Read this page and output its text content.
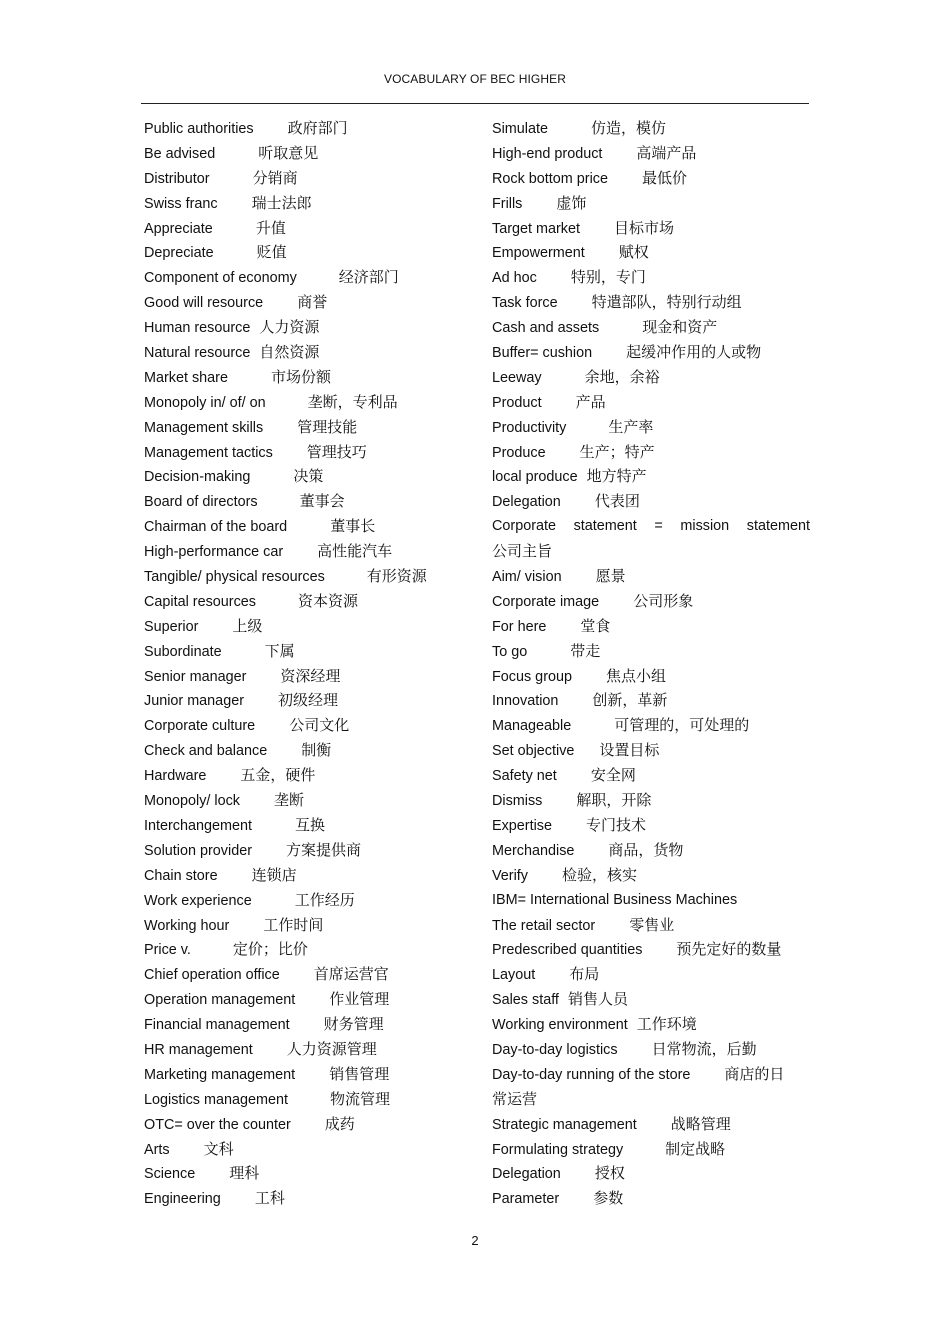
VOCABULARY OF BEC HIGHER
Public authorities 政府部门
Be advised	听取意见
Distributor	分销商
Swiss franc 瑞士法郎
Appreciate	升值
Depreciate	贬值
Component of economy	经济部门
Good will resource 商誉
Human resource 人力资源
Natural resource 自然资源
Market share	市场份额
Monopoly in/ of/ on	垄断，专利品
Management skills 管理技能
Management tactics 管理技巧
Decision-making	决策
Board of directors	董事会
Chairman of the board	董事长
High-performance car 高性能汽车
Tangible/ physical resources	有形资源
Capital resources	资本资源
Superior 上级
Subordinate	下属
Senior manager 资深经理
Junior manager 初级经理
Corporate culture 公司文化
Check and balance 制衡
Hardware 五金，硬件
Monopoly/ lock 垄断
Interchangement	互换
Solution provider 方案提供商
Chain store 连锁店
Work experience	工作经历
Working hour 工作时间
Price v.	定价；比价
Chief operation office 首席运营官
Operation management 作业管理
Financial management 财务管理
HR management 人力资源管理
Marketing management 销售管理
Logistics management	物流管理
OTC= over the counter 成药
Arts 文科
Science 理科
Engineering 工科
Simulate	仿造，模仿
High-end product 高端产品
Rock bottom price 最低价
Frills 虚饰
Target market 目标市场
Empowerment 赋权
Ad hoc 特别，专门
Task force 特遣部队，特别行动组
Cash and assets	现金和资产
Buffer= cushion 起缓冲作用的人或物
Leeway	余地，余裕
Product 产品
Productivity	生产率
Produce 生产；特产
local produce 地方特产
Delegation 代表团
Corporate statement = mission statement
公司主旨
Aim/ vision 愿景
Corporate image 公司形象
For here 堂食
To go	带走
Focus group 焦点小组
Innovation 创新，革新
Manageable	可管理的，可处理的
Set objective 设置目标
Safety net 安全网
Dismiss 解职，开除
Expertise 专门技术
Merchandise 商品，货物
Verify 检验，核实
IBM= International Business Machines
The retail sector 零售业
Predescribed quantities 预先定好的数量
Layout 布局
Sales staff 销售人员
Working environment 工作环境
Day-to-day logistics 日常物流，后勤
Day-to-day running of the store 商店的日
常运营
Strategic management 战略管理
Formulating strategy	制定战略
Delegation 授权
Parameter 参数
2
